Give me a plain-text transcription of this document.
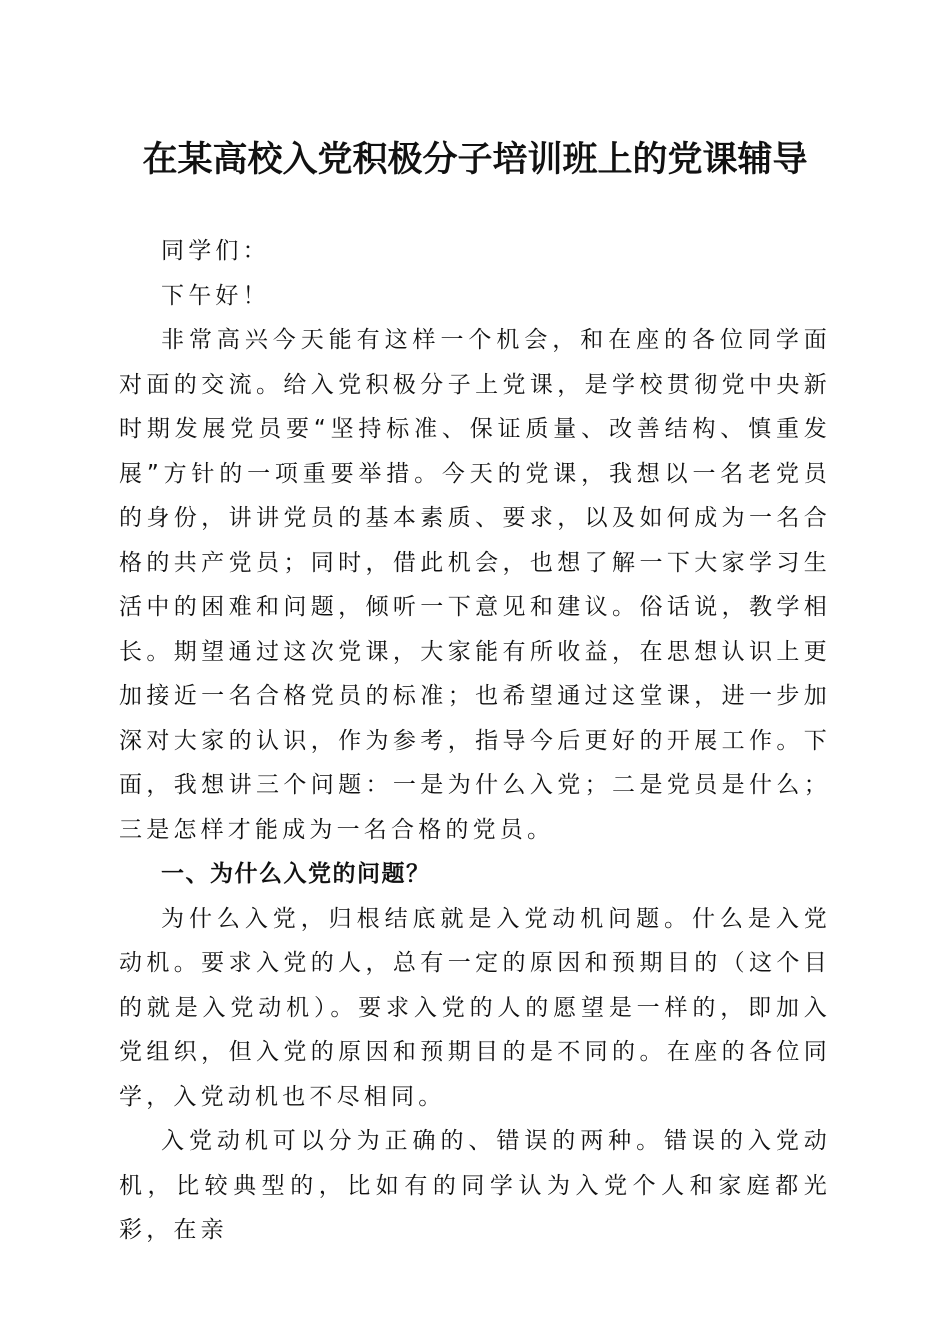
在某高校入党积极分子培训班上的党课辅导

同学们：

下午好！

非常高兴今天能有这样一个机会，和在座的各位同学面对面的交流。给入党积极分子上党课，是学校贯彻党中央新时期发展党员要“坚持标准、保证质量、改善结构、慎重发展”方针的一项重要举措。今天的党课，我想以一名老党员的身份，讲讲党员的基本素质、要求，以及如何成为一名合格的共产党员；同时，借此机会，也想了解一下大家学习生活中的困难和问题，倾听一下意见和建议。俗话说，教学相长。期望通过这次党课，大家能有所收益，在思想认识上更加接近一名合格党员的标准；也希望通过这堂课，进一步加深对大家的认识，作为参考，指导今后更好的开展工作。下面，我想讲三个问题：一是为什么入党；二是党员是什么；三是怎样才能成为一名合格的党员。

一、为什么入党的问题？

为什么入党，归根结底就是入党动机问题。什么是入党动机。要求入党的人，总有一定的原因和预期目的（这个目的就是入党动机）。要求入党的人的愿望是一样的，即加入党组织，但入党的原因和预期目的是不同的。在座的各位同学，入党动机也不尽相同。

入党动机可以分为正确的、错误的两种。错误的入党动机，比较典型的，比如有的同学认为入党个人和家庭都光彩，在亲
